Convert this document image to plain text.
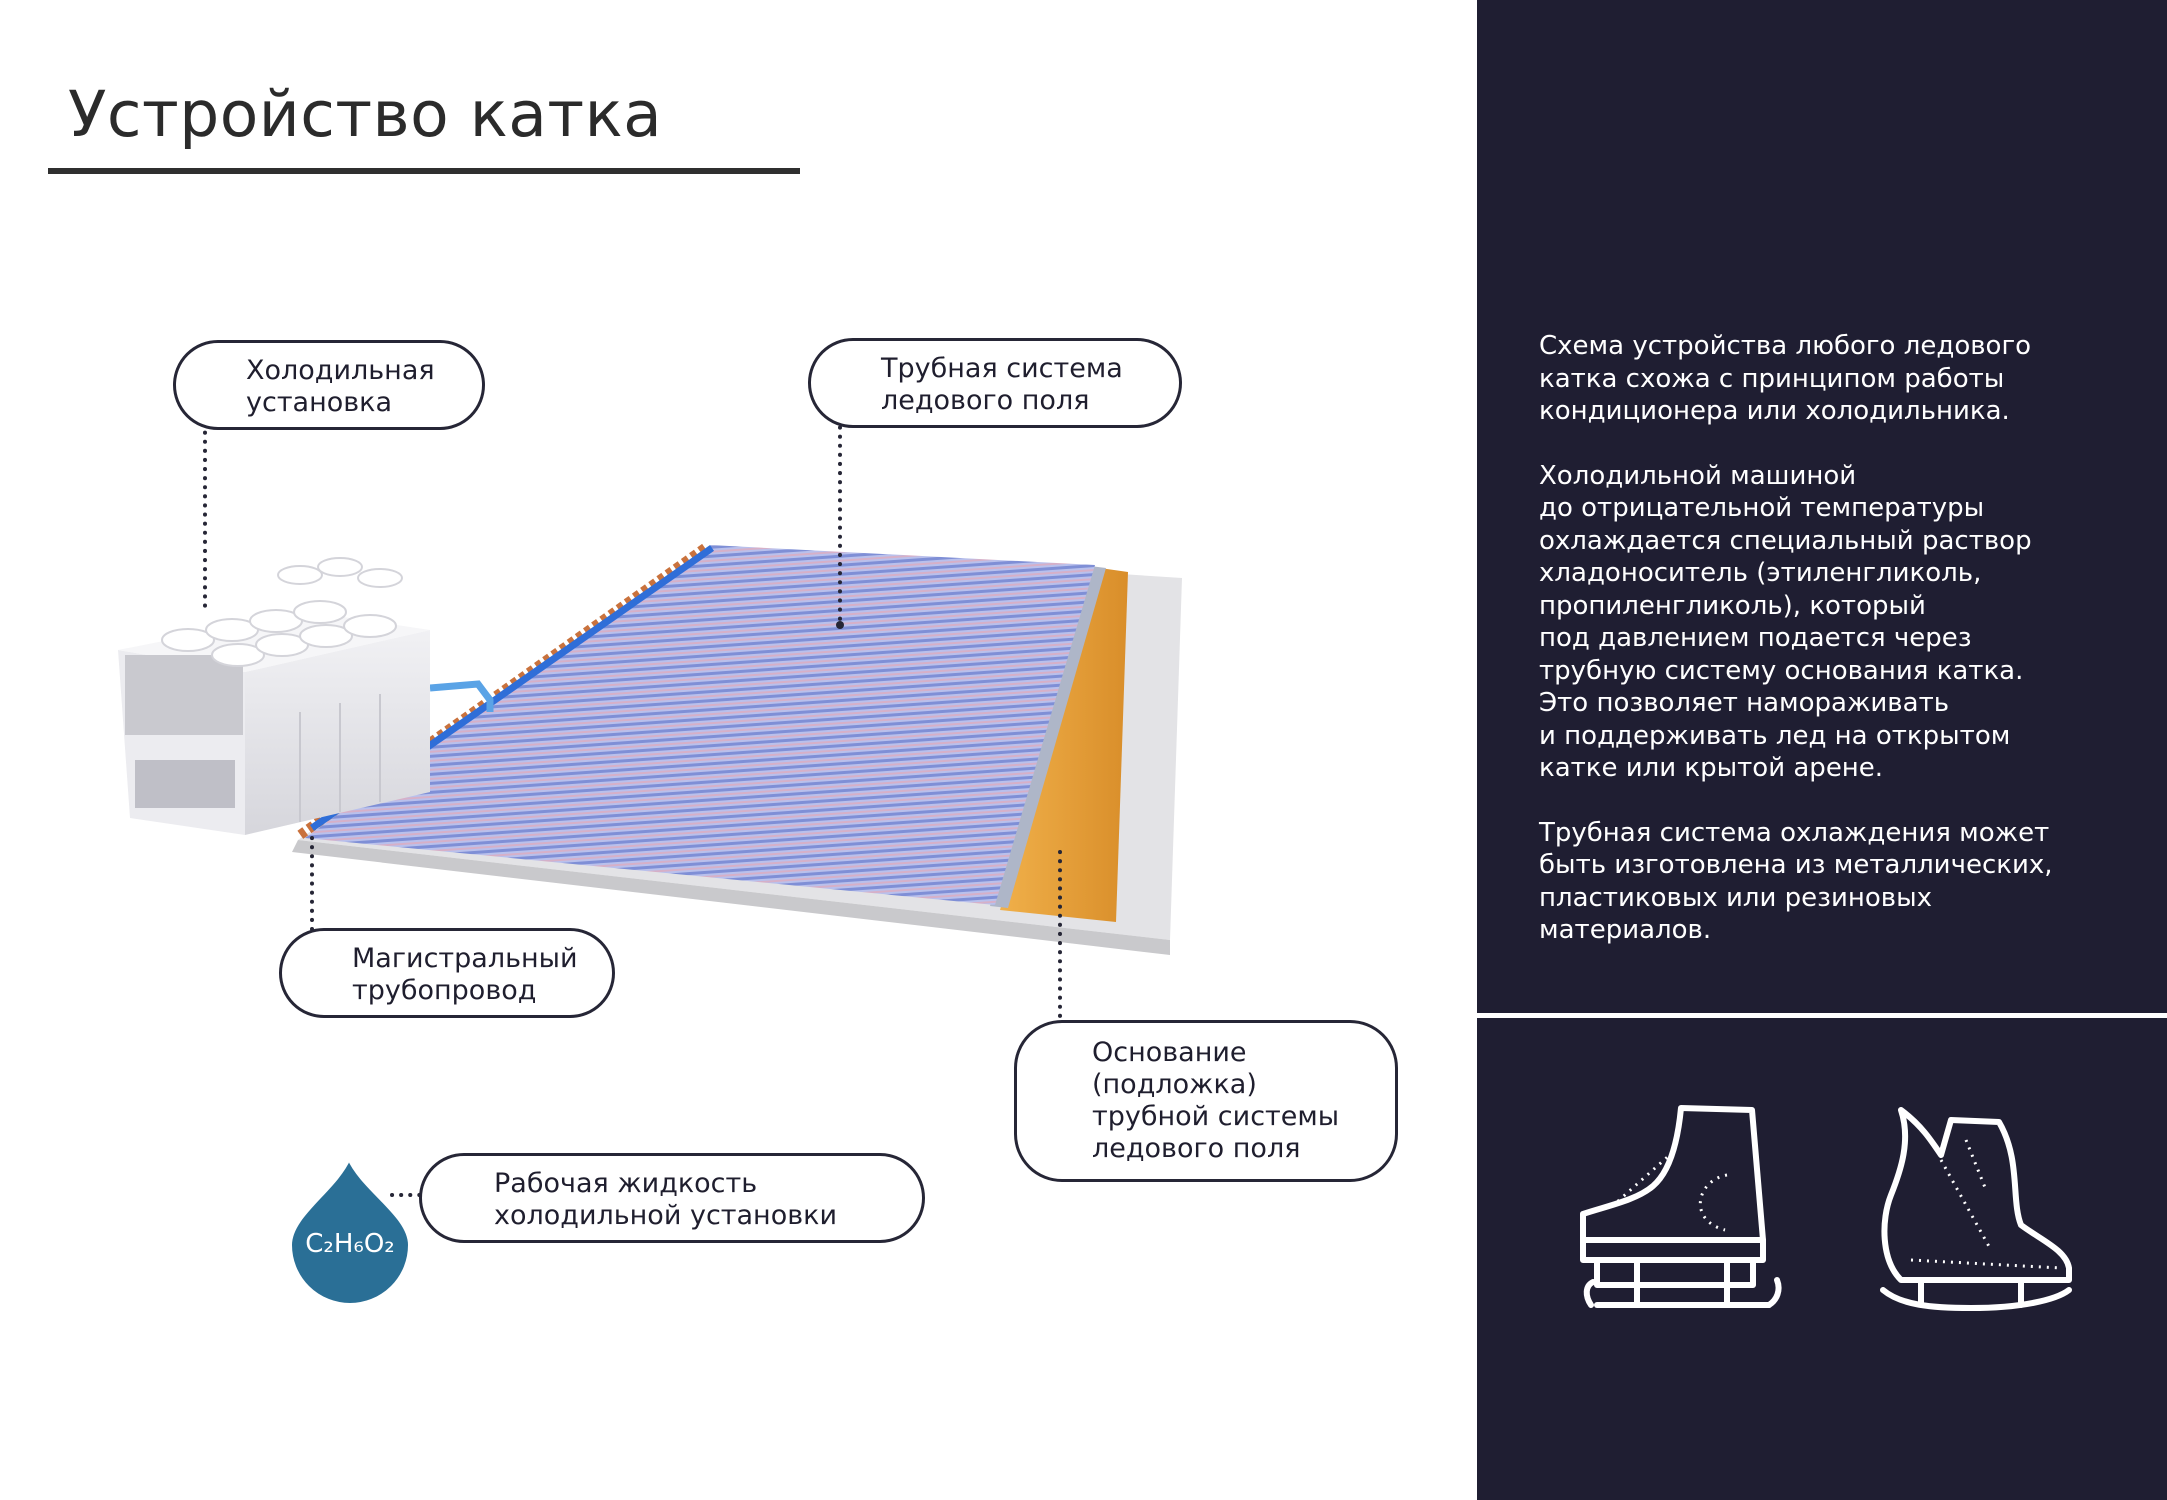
Устройство катка
C₂H₆O₂

Холодильная
установка

Трубная система
ледового поля

Магистральный
трубопровод

Основание
(подложка)
трубной системы
ледового поля

Рабочая жидкость
холодильной установки

Схема устройства любого ледового
катка схожа с принципом работы
кондиционера или холодильника.

Холодильной машиной
до отрицательной температуры
охлаждается специальный раствор
хладоноситель (этиленгликоль,
пропиленгликоль), который
под давлением подается через
трубную систему основания катка.
Это позволяет намораживать
и поддерживать лед на открытом
катке или крытой арене.

Трубная система охлаждения может
быть изготовлена из металлических,
пластиковых или резиновых
материалов.
